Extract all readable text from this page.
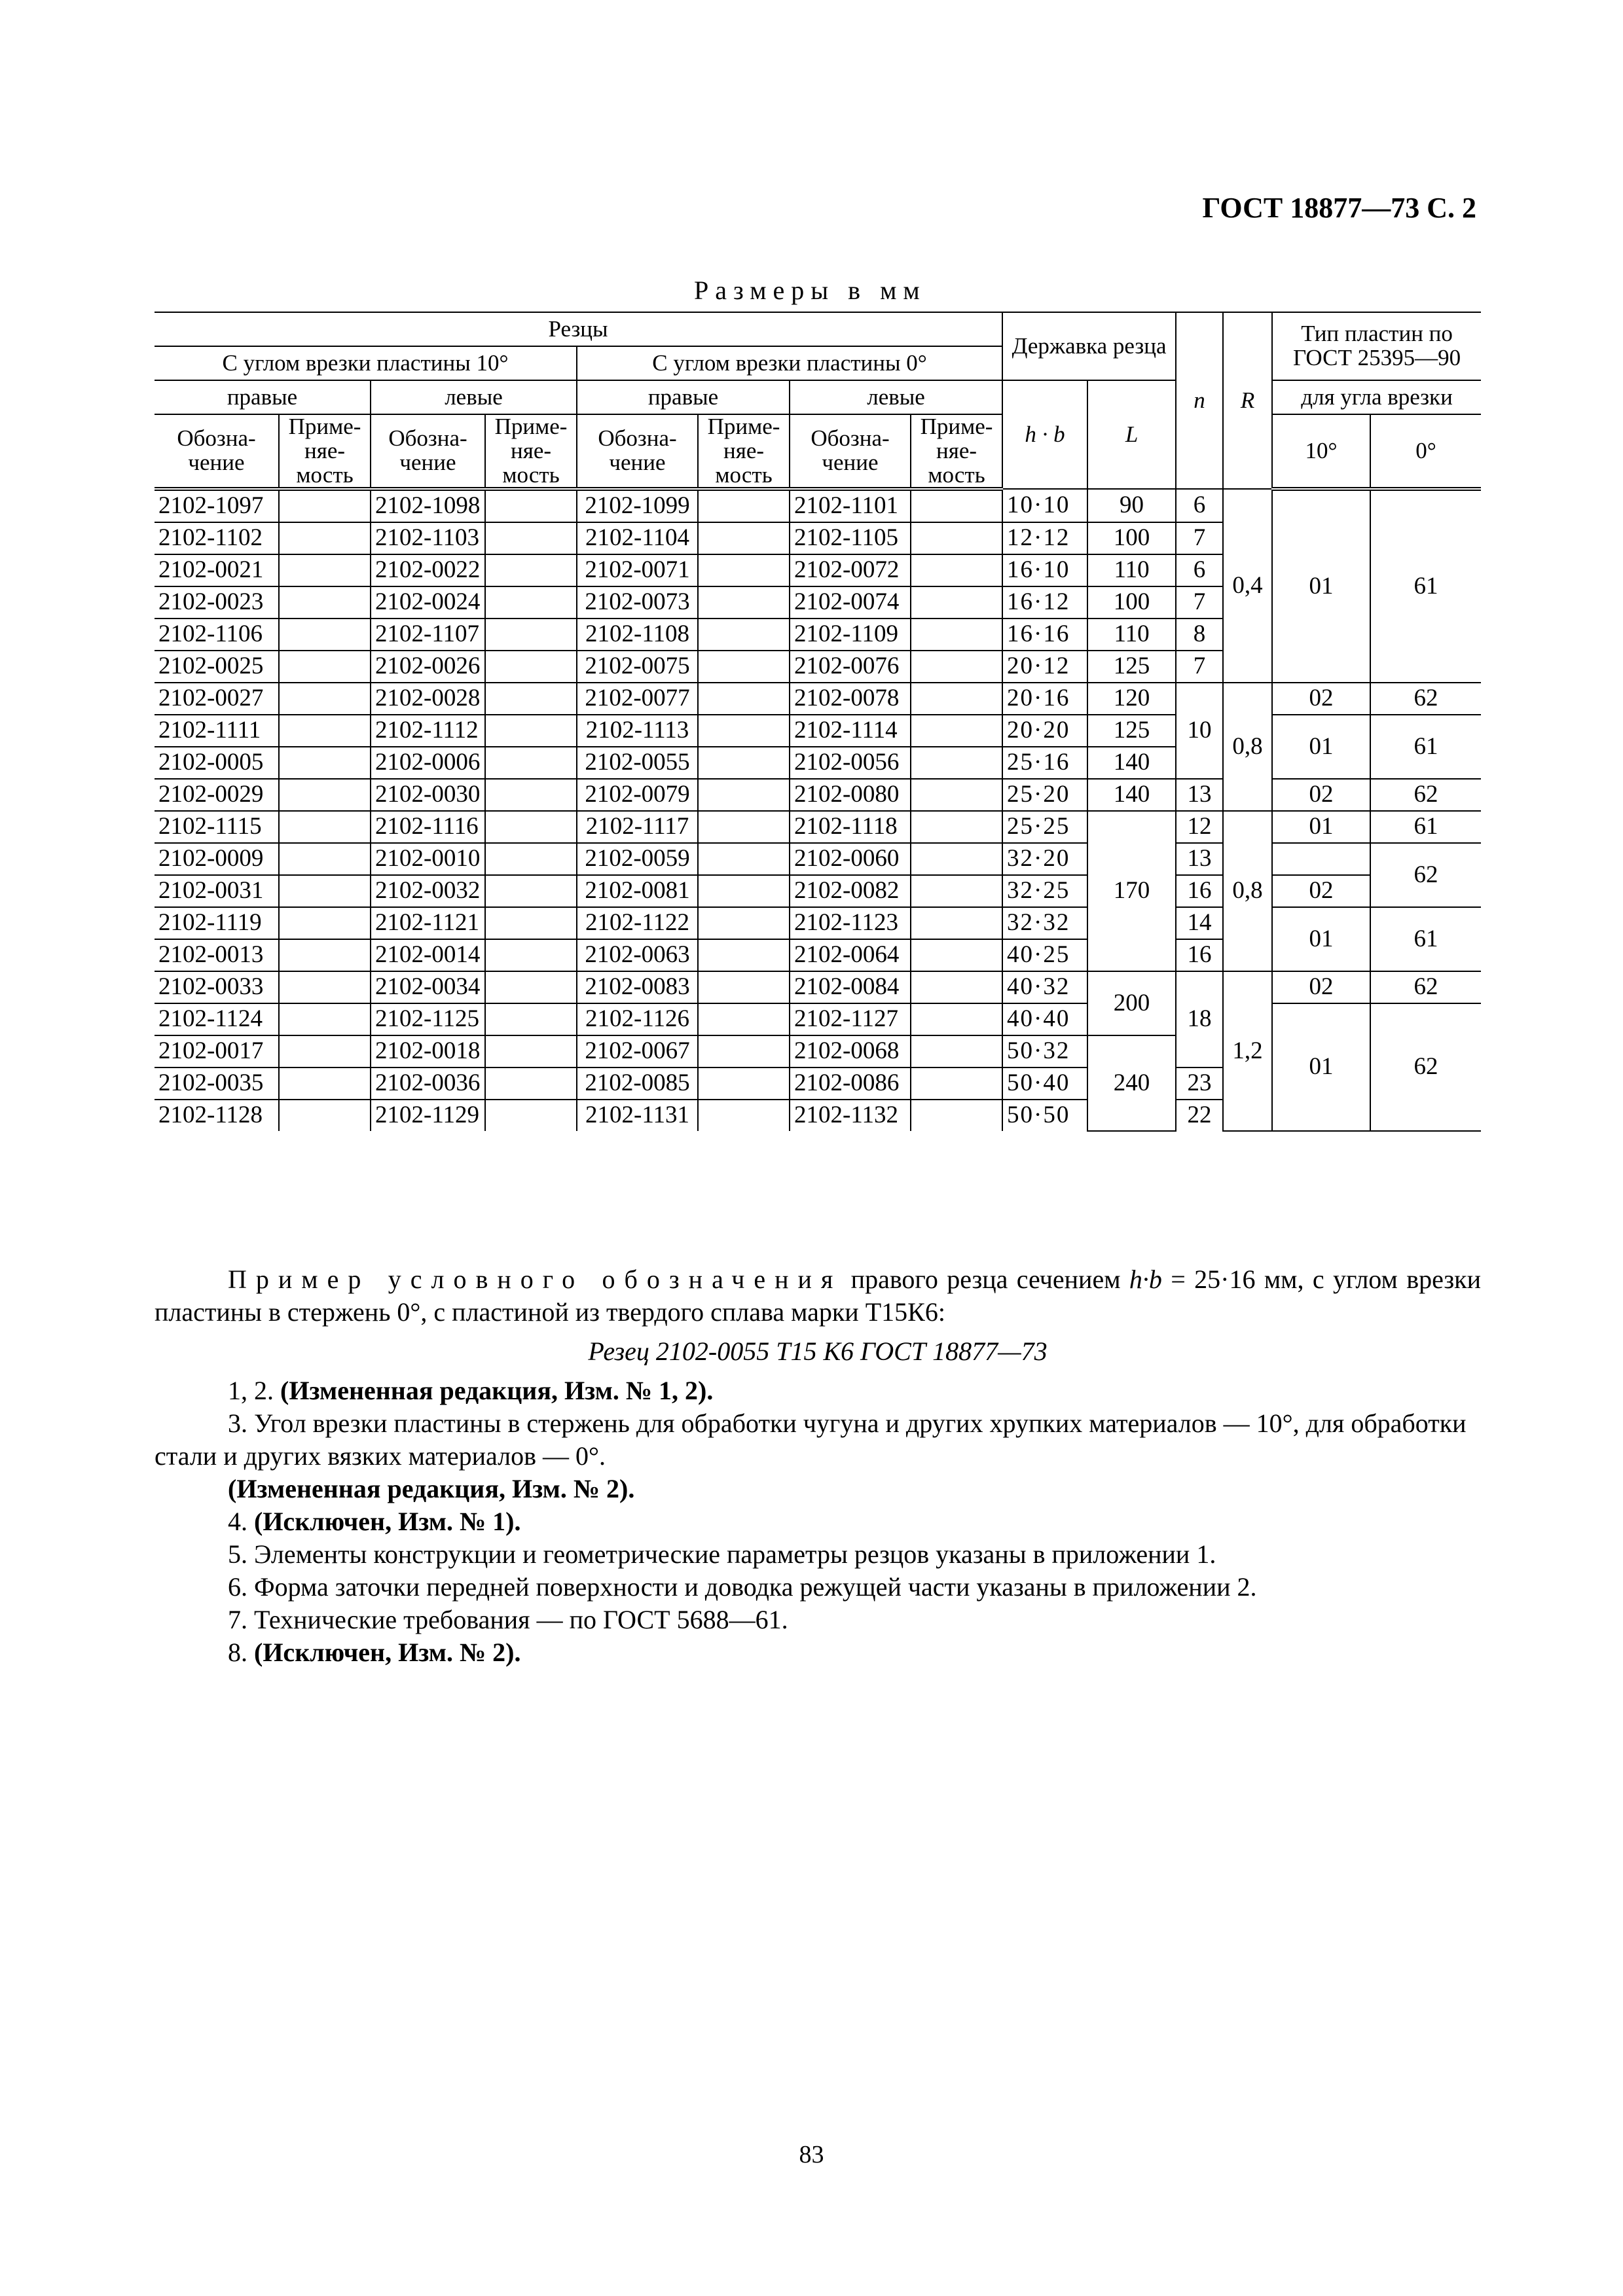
ГОСТ 18877—73 С. 2
Размеры в мм
Резцы								Державка резца		n	R	Тип пластин по ГОСТ 25395—90	
С углом врезки пластины 10°				С углом врезки пластины 0°									
правые		левые		правые		левые		h · b	L			для угла врезки	
Обозна-чение	Приме-няе-мость	Обозна-чение	Приме-няе-мость	Обозна-чение	Приме-няе-мость	Обозна-чение	Приме-няе-мость					10°	0°
2102-1097		2102-1098		2102-1099		2102-1101		10·10	90	6	0,4	01	61
2102-1102		2102-1103		2102-1104		2102-1105		12·12	100	7			
2102-0021		2102-0022		2102-0071		2102-0072		16·10	110	6			
2102-0023		2102-0024		2102-0073		2102-0074		16·12	100	7			
2102-1106		2102-1107		2102-1108		2102-1109		16·16	110	8			
2102-0025		2102-0026		2102-0075		2102-0076		20·12	125	7			
2102-0027		2102-0028		2102-0077		2102-0078		20·16	120	10	0,8	02	62
2102-1111		2102-1112		2102-1113		2102-1114		20·20	125			01	61
2102-0005		2102-0006		2102-0055		2102-0056		25·16	140				
2102-0029		2102-0030		2102-0079		2102-0080		25·20	140	13		02	62
2102-1115		2102-1116		2102-1117		2102-1118		25·25	170	12	0,8	01	61
2102-0009		2102-0010		2102-0059		2102-0060		32·20		13			62
2102-0031		2102-0032		2102-0081		2102-0082		32·25		16		02	
2102-1119		2102-1121		2102-1122		2102-1123		32·32		14		01	61
2102-0013		2102-0014		2102-0063		2102-0064		40·25		16			
2102-0033		2102-0034		2102-0083		2102-0084		40·32	200	18	1,2	02	62
2102-1124		2102-1125		2102-1126		2102-1127		40·40				01	62
2102-0017		2102-0018		2102-0067		2102-0068		50·32	240				
2102-0035		2102-0036		2102-0085		2102-0086		50·40		23			
2102-1128		2102-1129		2102-1131		2102-1132		50·50		22			
Пример условного обозначения правого резца сечением h·b = 25·16 мм, с углом врезки пластины в стержень 0°, с пластиной из твердого сплава марки Т15К6:
Резец 2102-0055 Т15 К6 ГОСТ 18877—73
1, 2. (Измененная редакция, Изм. № 1, 2).
3. Угол врезки пластины в стержень для обработки чугуна и других хрупких материалов — 10°, для обработки стали и других вязких материалов — 0°.
(Измененная редакция, Изм. № 2).
4. (Исключен, Изм. № 1).
5. Элементы конструкции и геометрические параметры резцов указаны в приложении 1.
6. Форма заточки передней поверхности и доводка режущей части указаны в приложении 2.
7. Технические требования — по ГОСТ 5688—61.
8. (Исключен, Изм. № 2).
83
